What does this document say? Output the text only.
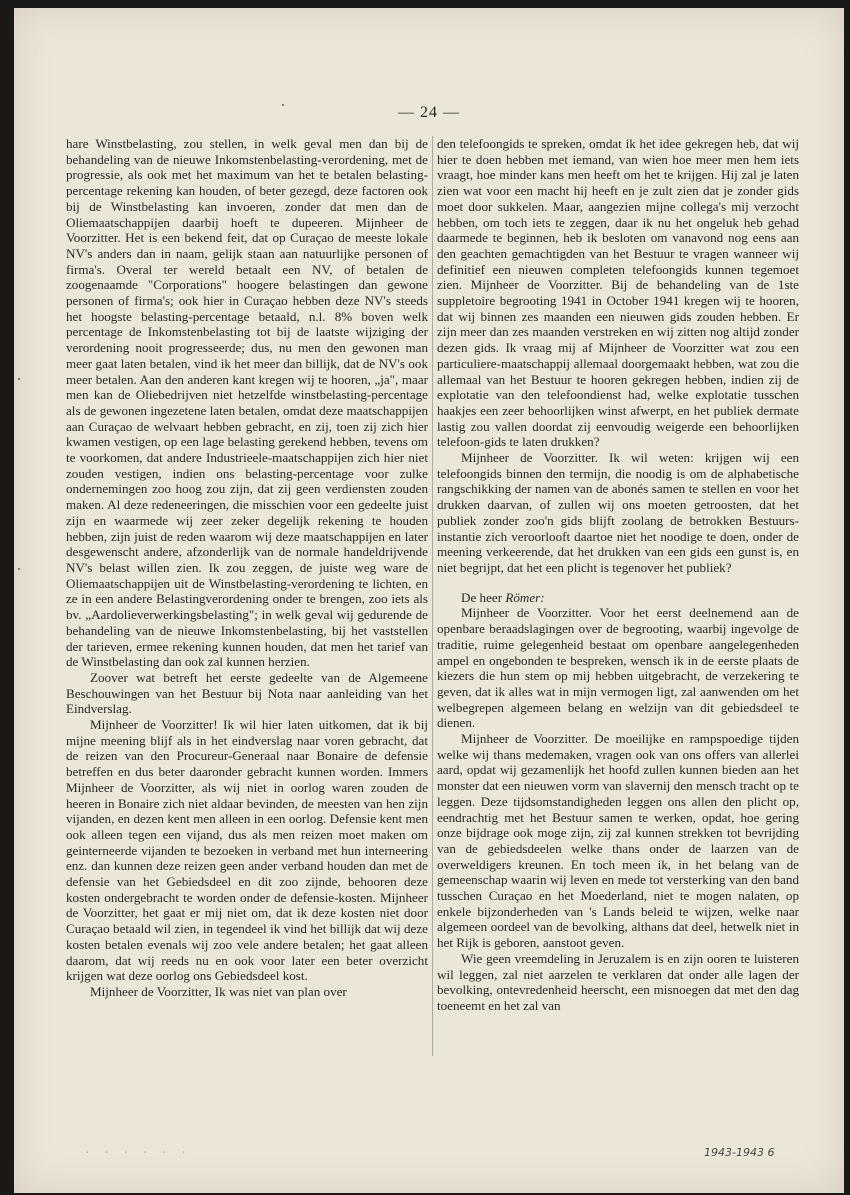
— 24 —

hare Winstbelasting, zou stellen, in welk geval men dan bij de behandeling van de nieuwe Inkomstenbelasting-verordening, met de progressie, als ook met het maximum van het te betalen belasting-percentage rekening kan houden, of beter gezegd, deze factoren ook bij de Winstbelasting kan invoeren, zonder dat men dan de Oliemaatschappijen daarbij hoeft te dupeeren. Mijnheer de Voorzitter. Het is een bekend feit, dat op Curaçao de meeste lokale NV's anders dan in naam, gelijk staan aan natuurlijke personen of firma's. Overal ter wereld betaalt een NV, of betalen de zoogenaamde "Corporations" hoogere belastingen dan gewone personen of firma's; ook hier in Curaçao hebben deze NV's steeds het hoogste belasting-percentage betaald, n.l. 8% boven welk percentage de Inkomstenbelasting tot bij de laatste wijziging der verordening nooit progresseerde; dus, nu men den gewonen man meer gaat laten betalen, vind ik het meer dan billijk, dat de NV's ook meer betalen. Aan den anderen kant kregen wij te hooren, „ja", maar men kan de Oliebedrijven niet hetzelfde winstbelasting-percentage als de gewonen ingezetene laten betalen, omdat deze maatschappijen aan Curaçao de welvaart hebben gebracht, en zij, toen zij zich hier kwamen vestigen, op een lage belasting gerekend hebben, tevens om te voorkomen, dat andere Industrieele-maatschappijen zich hier niet zouden vestigen, indien ons belasting-percentage voor zulke ondernemingen zoo hoog zou zijn, dat zij geen verdiensten zouden maken. Al deze redeneeringen, die misschien voor een gedeelte juist zijn en waarmede wij zeer zeker degelijk rekening te houden hebben, zijn juist de reden waarom wij deze maatschappijen en later desgewenscht andere, afzonderlijk van de normale handeldrijvende NV's belast willen zien. Ik zou zeggen, de juiste weg ware de Oliemaatschappijen uit de Winstbelasting-verordening te lichten, en ze in een andere Belastingverordening onder te brengen, zoo iets als bv. „Aardolieverwerkingsbelasting"; in welk geval wij gedurende de behandeling van de nieuwe Inkomstenbelasting, bij het vaststellen der tarieven, ermee rekening kunnen houden, dat men het tarief van de Winstbelasting dan ook zal kunnen herzien.

Zoover wat betreft het eerste gedeelte van de Algemeene Beschouwingen van het Bestuur bij Nota naar aanleiding van het Eindverslag.

Mijnheer de Voorzitter! Ik wil hier laten uitkomen, dat ik bij mijne meening blijf als in het eindverslag naar voren gebracht, dat de reizen van den Procureur-Generaal naar Bonaire de defensie betreffen en dus beter daaronder gebracht kunnen worden. Immers Mijnheer de Voorzitter, als wij niet in oorlog waren zouden de heeren in Bonaire zich niet aldaar bevinden, de meesten van hen zijn vijanden, en dezen kent men alleen in een oorlog. Defensie kent men ook alleen tegen een vijand, dus als men reizen moet maken om geinterneerde vijanden te bezoeken in verband met hun interneering enz. dan kunnen deze reizen geen ander verband houden dan met de defensie van het Gebiedsdeel en dit zoo zijnde, behooren deze kosten ondergebracht te worden onder de defensie-kosten. Mijnheer de Voorzitter, het gaat er mij niet om, dat ik deze kosten niet door Curaçao betaald wil zien, in tegendeel ik vind het billijk dat wij deze kosten betalen evenals wij zoo vele andere betalen; het gaat alleen daarom, dat wij reeds nu en ook voor later een beter overzicht krijgen wat deze oorlog ons Gebiedsdeel kost.

Mijnheer de Voorzitter, Ik was niet van plan over

den telefoongids te spreken, omdat ik het idee gekregen heb, dat wij hier te doen hebben met iemand, van wien hoe meer men hem iets vraagt, hoe minder kans men heeft om het te krijgen. Hij zal je laten zien wat voor een macht hij heeft en je zult zien dat je zonder gids moet door sukkelen. Maar, aangezien mijne collega's mij verzocht hebben, om toch iets te zeggen, daar ik nu het ongeluk heb gehad daarmede te beginnen, heb ik besloten om vanavond nog eens aan den geachten gemachtigden van het Bestuur te vragen wanneer wij definitief een nieuwen completen telefoongids kunnen tegemoet zien. Mijnheer de Voorzitter. Bij de behandeling van de 1ste suppletoire begrooting 1941 in October 1941 kregen wij te hooren, dat wij binnen zes maanden een nieuwen gids zouden hebben. Er zijn meer dan zes maanden verstreken en wij zitten nog altijd zonder dezen gids. Ik vraag mij af Mijnheer de Voorzitter wat zou een particuliere-maatschappij allemaal doorgemaakt hebben, wat zou die allemaal van het Bestuur te hooren gekregen hebben, indien zij de explotatie van den telefoondienst had, welke explotatie tusschen haakjes een zeer behoorlijken winst afwerpt, en het publiek dermate lastig zou vallen doordat zij eenvoudig weigerde een behoorlijken telefoon-gids te laten drukken?

Mijnheer de Voorzitter. Ik wil weten: krijgen wij een telefoongids binnen den termijn, die noodig is om de alphabetische rangschikking der namen van de abonés samen te stellen en voor het drukken daarvan, of zullen wij ons moeten getroosten, dat het publiek zonder zoo'n gids blijft zoolang de betrokken Bestuurs-instantie zich veroorlooft daartoe niet het noodige te doen, onder de meening verkeerende, dat het drukken van een gids een gunst is, en niet begrijpt, dat het een plicht is tegenover het publiek?

De heer Römer:

Mijnheer de Voorzitter. Voor het eerst deelnemend aan de openbare beraadslagingen over de begrooting, waarbij ingevolge de traditie, ruime gelegenheid bestaat om openbare aangelegenheden ampel en ongebonden te bespreken, wensch ik in de eerste plaats de kiezers die hun stem op mij hebben uitgebracht, de verzekering te geven, dat ik alles wat in mijn vermogen ligt, zal aanwenden om het welbegrepen algemeen belang en welzijn van dit gebiedsdeel te dienen.

Mijnheer de Voorzitter. De moeilijke en rampspoedige tijden welke wij thans medemaken, vragen ook van ons offers van allerlei aard, opdat wij gezamenlijk het hoofd zullen kunnen bieden aan het monster dat een nieuwen vorm van slavernij den mensch tracht op te leggen. Deze tijdsomstandigheden leggen ons allen den plicht op, eendrachtig met het Bestuur samen te werken, opdat, hoe gering onze bijdrage ook moge zijn, zij zal kunnen strekken tot bevrijding van de gebiedsdeelen welke thans onder de laarzen van de overweldigers kreunen. En toch meen ik, in het belang van de gemeenschap waarin wij leven en mede tot versterking van den band tusschen Curaçao en het Moederland, niet te mogen nalaten, op enkele bijzonderheden van 's Lands beleid te wijzen, welke naar algemeen oordeel van de bevolking, althans dat deel, hetwelk niet in het Rijk is geboren, aanstoot geven.

Wie geen vreemdeling in Jeruzalem is en zijn ooren te luisteren wil leggen, zal niet aarzelen te verklaren dat onder alle lagen der bevolking, ontevredenheid heerscht, een misnoegen dat met den dag toeneemt en het zal van

· · · · · ·	1943-1943 6
